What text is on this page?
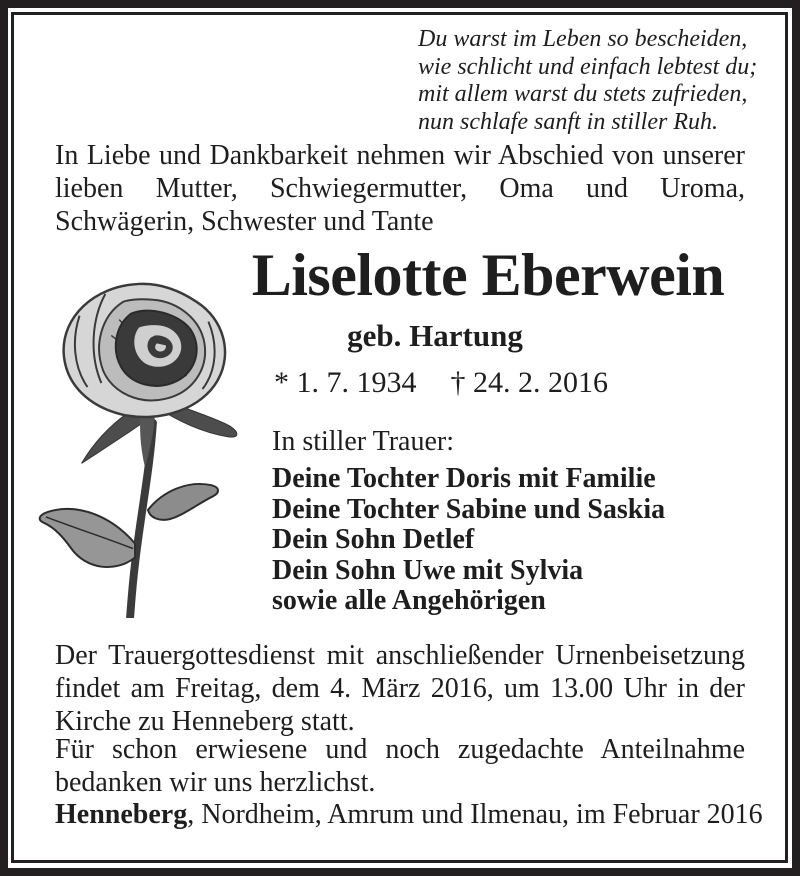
Du warst im Leben so bescheiden,
wie schlicht und einfach lebtest du;
mit allem warst du stets zufrieden,
nun schlafe sanft in stiller Ruh.
In Liebe und Dankbarkeit nehmen wir Abschied von unserer lieben Mutter, Schwiegermutter, Oma und Uroma, Schwägerin, Schwester und Tante
Liselotte Eberwein
geb. Hartung
* 1. 7. 1934 † 24. 2. 2016
In stiller Trauer:
Deine Tochter Doris mit Familie
Deine Tochter Sabine und Saskia
Dein Sohn Detlef
Dein Sohn Uwe mit Sylvia
sowie alle Angehörigen
Der Trauergottesdienst mit anschließender Urnenbeisetzung findet am Freitag, dem 4. März 2016, um 13.00 Uhr in der Kirche zu Henneberg statt.
Für schon erwiesene und noch zugedachte Anteilnahme bedanken wir uns herzlichst.
Henneberg, Nordheim, Amrum und Ilmenau, im Februar 2016
